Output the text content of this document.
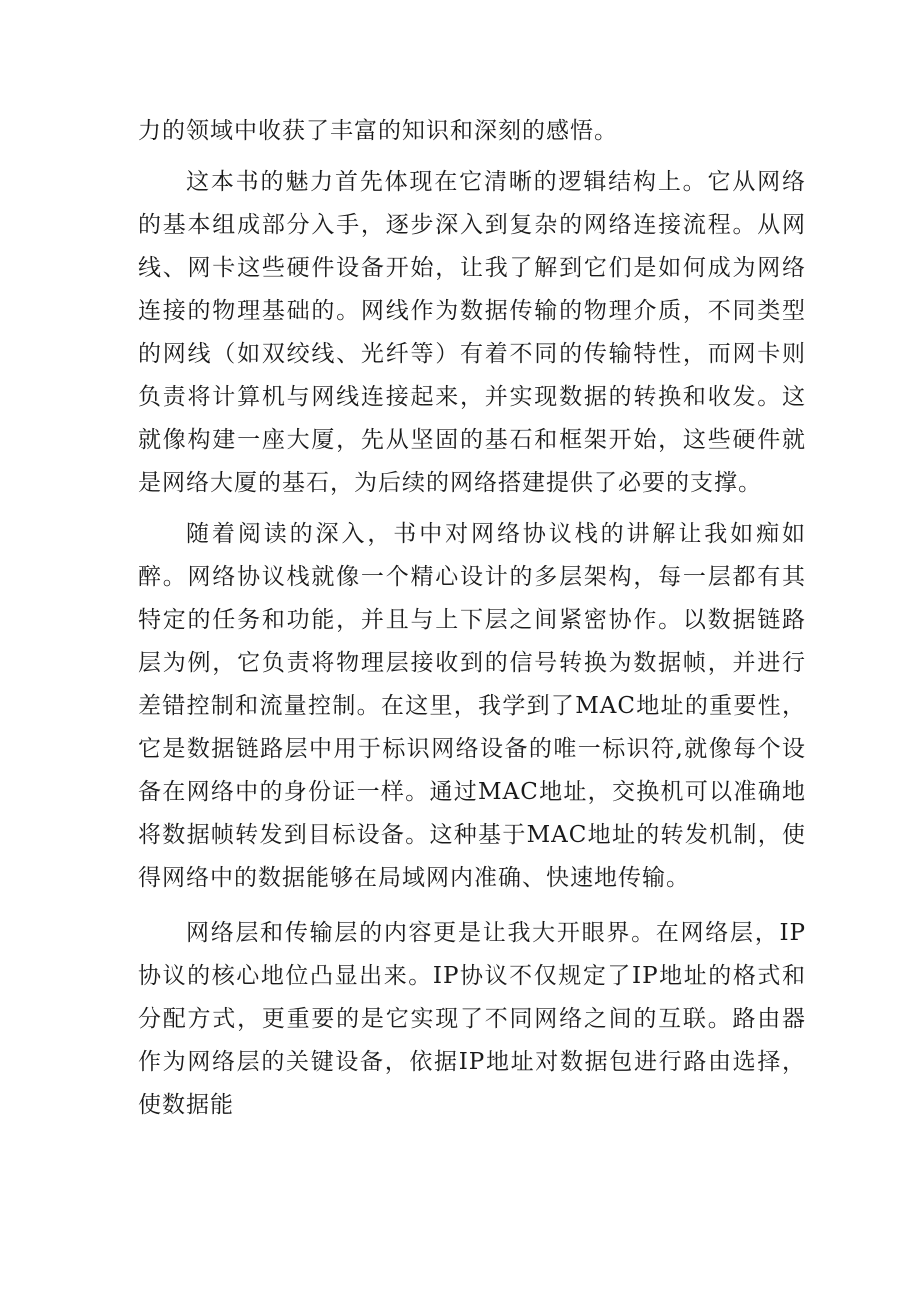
力的领域中收获了丰富的知识和深刻的感悟。

这本书的魅力首先体现在它清晰的逻辑结构上。它从网络的基本组成部分入手，逐步深入到复杂的网络连接流程。从网线、网卡这些硬件设备开始，让我了解到它们是如何成为网络连接的物理基础的。网线作为数据传输的物理介质，不同类型的网线（如双绞线、光纤等）有着不同的传输特性，而网卡则负责将计算机与网线连接起来，并实现数据的转换和收发。这就像构建一座大厦，先从坚固的基石和框架开始，这些硬件就是网络大厦的基石，为后续的网络搭建提供了必要的支撑。

随着阅读的深入，书中对网络协议栈的讲解让我如痴如醉。网络协议栈就像一个精心设计的多层架构，每一层都有其特定的任务和功能，并且与上下层之间紧密协作。以数据链路层为例，它负责将物理层接收到的信号转换为数据帧，并进行差错控制和流量控制。在这里，我学到了MAC地址的重要性，它是数据链路层中用于标识网络设备的唯一标识符,就像每个设备在网络中的身份证一样。通过MAC地址，交换机可以准确地将数据帧转发到目标设备。这种基于MAC地址的转发机制，使得网络中的数据能够在局域网内准确、快速地传输。

网络层和传输层的内容更是让我大开眼界。在网络层，IP协议的核心地位凸显出来。IP协议不仅规定了IP地址的格式和分配方式，更重要的是它实现了不同网络之间的互联。路由器作为网络层的关键设备，依据IP地址对数据包进行路由选择，使数据能
